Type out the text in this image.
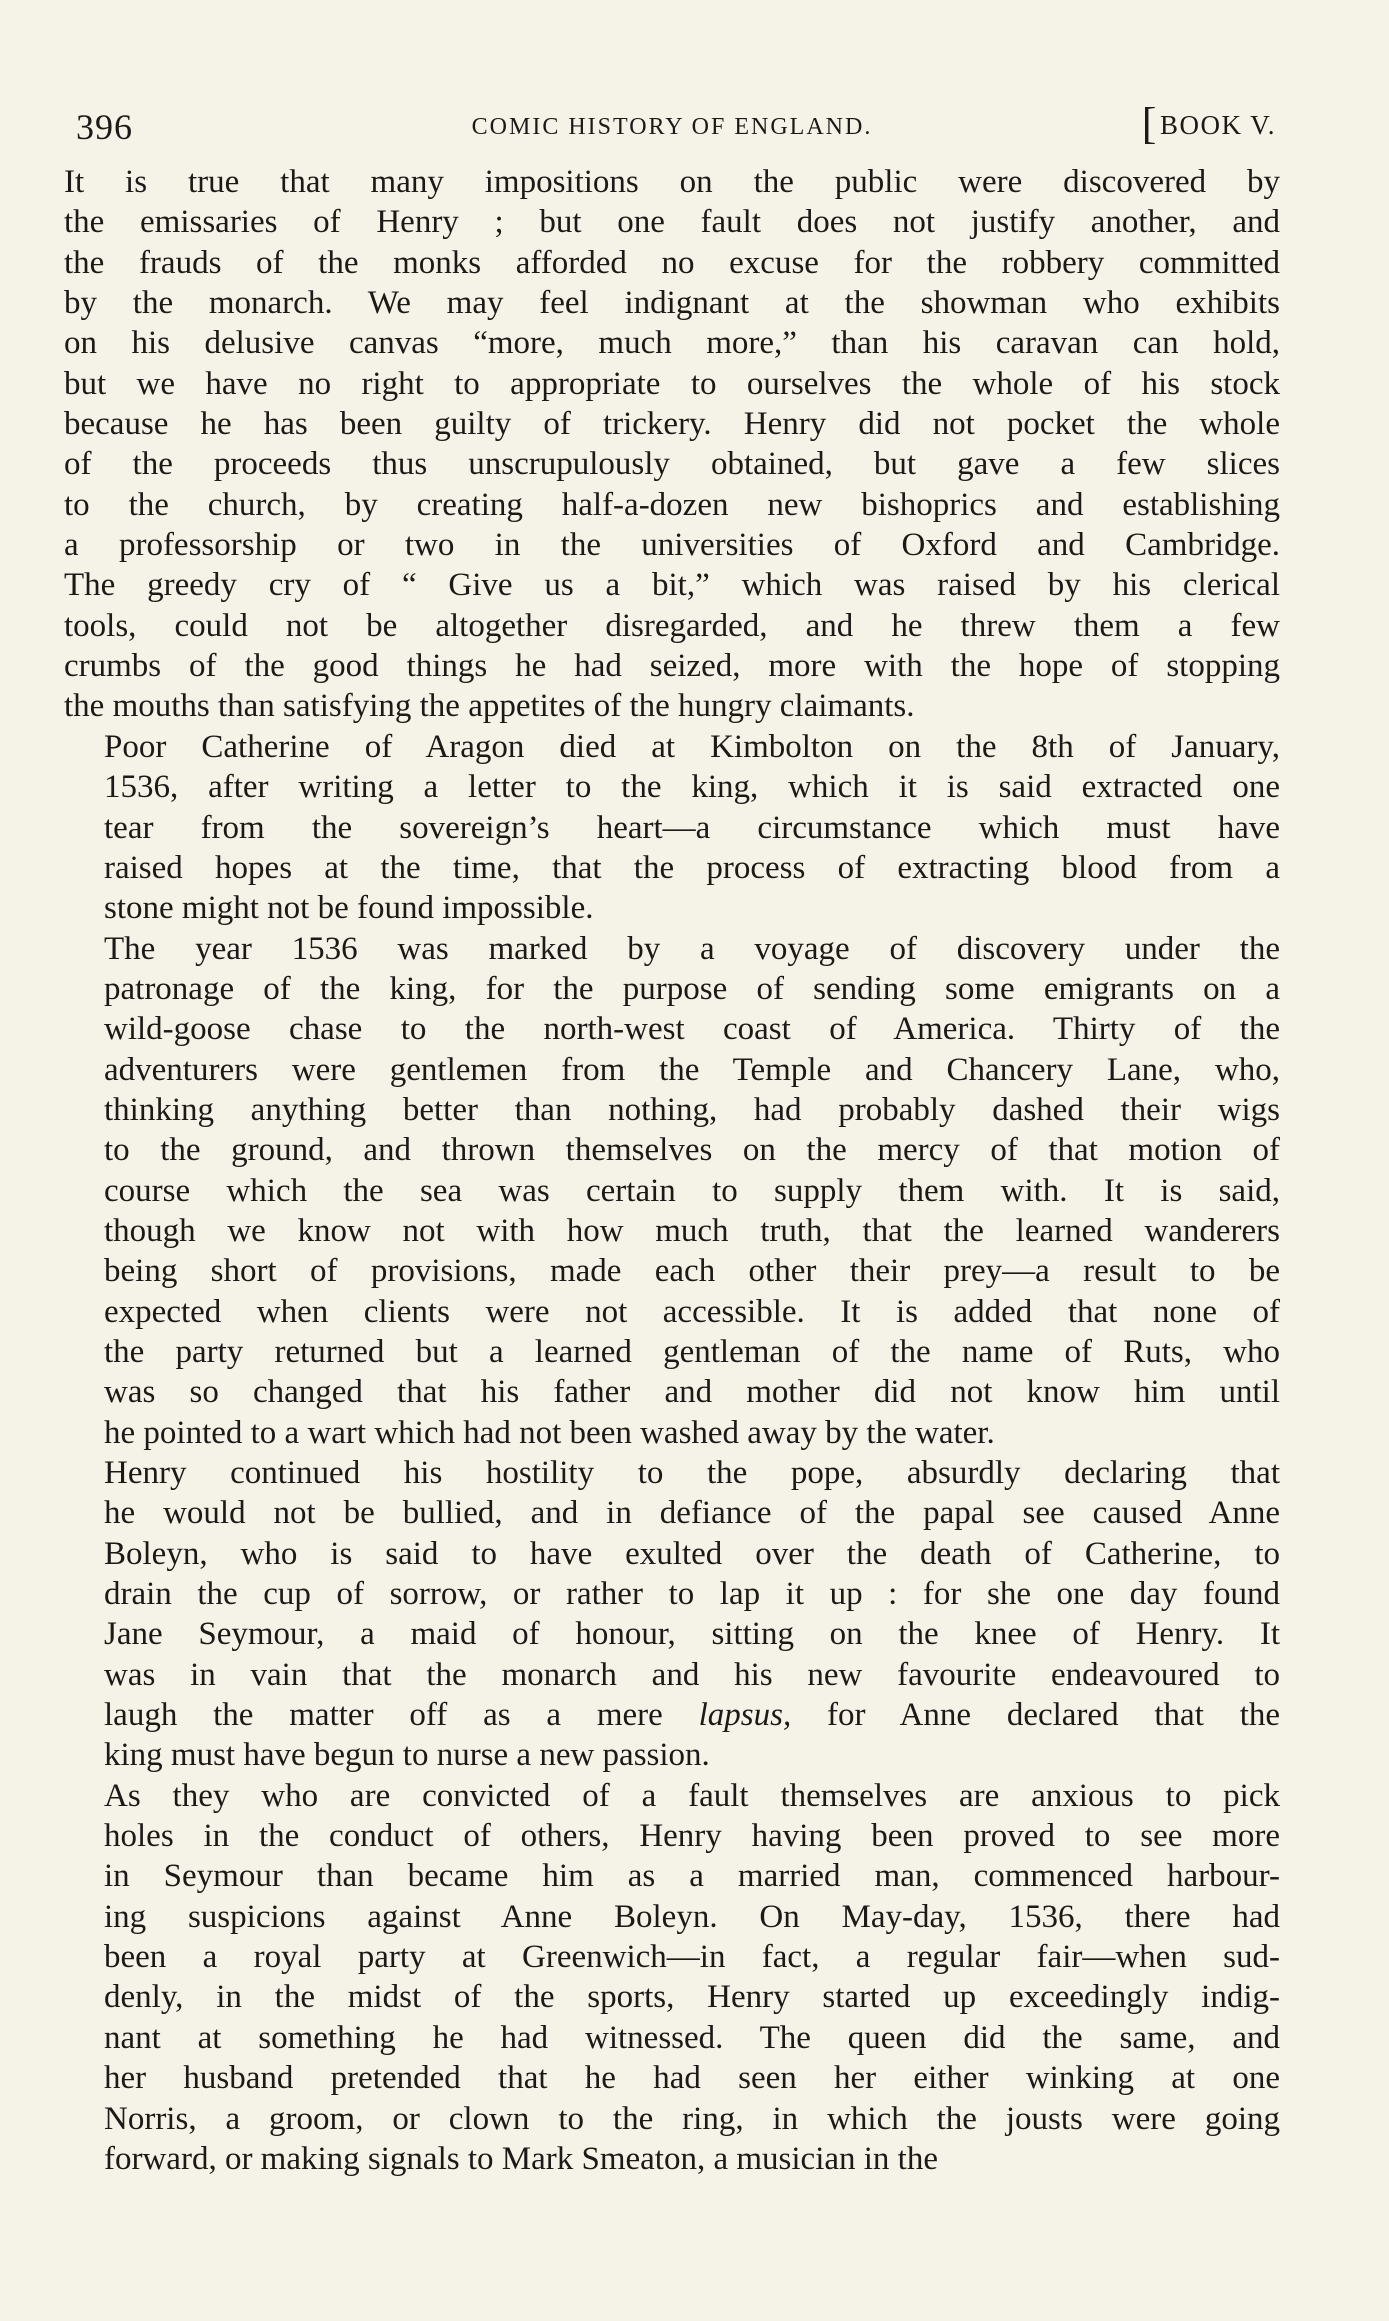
396	COMIC HISTORY OF ENGLAND.	[BOOK V.

It is true that many impositions on the public were discovered by
the emissaries of Henry ; but one fault does not justify another, and
the frauds of the monks afforded no excuse for the robbery committed
by the monarch. We may feel indignant at the showman who exhibits
on his delusive canvas “more, much more,” than his caravan can hold,
but we have no right to appropriate to ourselves the whole of his stock
because he has been guilty of trickery. Henry did not pocket the whole
of the proceeds thus unscrupulously obtained, but gave a few slices
to the church, by creating half-a-dozen new bishoprics and establishing
a professorship or two in the universities of Oxford and Cambridge.
The greedy cry of “ Give us a bit,” which was raised by his clerical
tools, could not be altogether disregarded, and he threw them a few
crumbs of the good things he had seized, more with the hope of stopping
the mouths than satisfying the appetites of the hungry claimants.

Poor Catherine of Aragon died at Kimbolton on the 8th of January,
1536, after writing a letter to the king, which it is said extracted one
tear from the sovereign’s heart—a circumstance which must have
raised hopes at the time, that the process of extracting blood from a
stone might not be found impossible.

The year 1536 was marked by a voyage of discovery under the
patronage of the king, for the purpose of sending some emigrants on a
wild-goose chase to the north-west coast of America. Thirty of the
adventurers were gentlemen from the Temple and Chancery Lane, who,
thinking anything better than nothing, had probably dashed their wigs
to the ground, and thrown themselves on the mercy of that motion of
course which the sea was certain to supply them with. It is said,
though we know not with how much truth, that the learned wanderers
being short of provisions, made each other their prey—a result to be
expected when clients were not accessible. It is added that none of
the party returned but a learned gentleman of the name of Ruts, who
was so changed that his father and mother did not know him until
he pointed to a wart which had not been washed away by the water.

Henry continued his hostility to the pope, absurdly declaring that
he would not be bullied, and in defiance of the papal see caused Anne
Boleyn, who is said to have exulted over the death of Catherine, to
drain the cup of sorrow, or rather to lap it up : for she one day found
Jane Seymour, a maid of honour, sitting on the knee of Henry. It
was in vain that the monarch and his new favourite endeavoured to
laugh the matter off as a mere lapsus, for Anne declared that the
king must have begun to nurse a new passion.

As they who are convicted of a fault themselves are anxious to pick
holes in the conduct of others, Henry having been proved to see more
in Seymour than became him as a married man, commenced harbour-
ing suspicions against Anne Boleyn. On May-day, 1536, there had
been a royal party at Greenwich—in fact, a regular fair—when sud-
denly, in the midst of the sports, Henry started up exceedingly indig-
nant at something he had witnessed. The queen did the same, and
her husband pretended that he had seen her either winking at one
Norris, a groom, or clown to the ring, in which the jousts were going
forward, or making signals to Mark Smeaton, a musician in the
